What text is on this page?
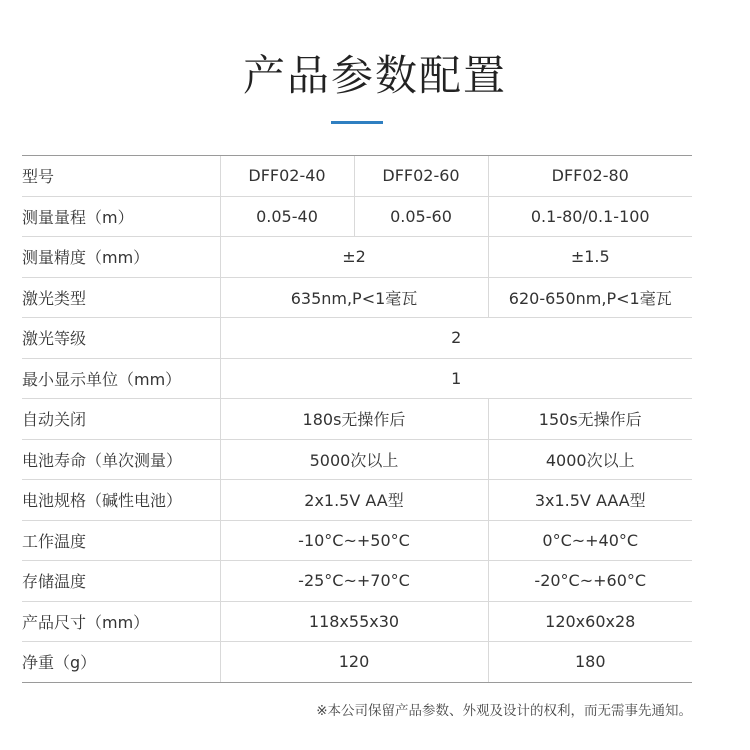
产品参数配置
型号	DFF02-40	DFF02-60	DFF02-80
测量量程（m）	0.05-40	0.05-60	0.1-80/0.1-100
测量精度（mm）	±2		±1.5
激光类型	635nm,P<1毫瓦		620-650nm,P<1毫瓦
激光等级	2		
最小显示单位（mm）	1		
自动关闭	180s无操作后		150s无操作后
电池寿命（单次测量）	5000次以上		4000次以上
电池规格（碱性电池）	2x1.5V AA型		3x1.5V AAA型
工作温度	-10°C~+50°C		0°C~+40°C
存储温度	-25°C~+70°C		-20°C~+60°C
产品尺寸（mm）	118x55x30		120x60x28
净重（g）	120		180
※本公司保留产品参数、外观及设计的权利，而无需事先通知。
